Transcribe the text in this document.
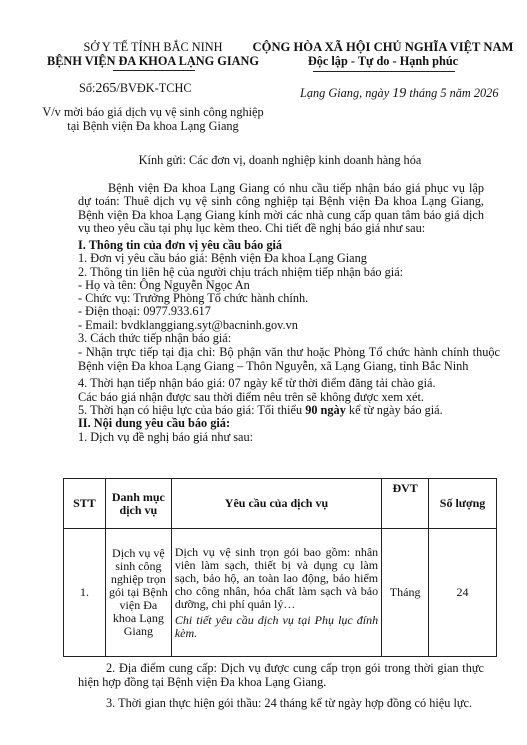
SỞ Y TẾ TỈNH BẮC NINH
BỆNH VIỆN ĐA KHOA LẠNG GIANG
Số:265/BVĐK-TCHC
V/v mời báo giá dịch vụ vệ sinh công nghiệp
tại Bệnh viện Đa khoa Lạng Giang
CỘNG HÒA XÃ HỘI CHỦ NGHĨA VIỆT NAM
Độc lập - Tự do - Hạnh phúc
Lạng Giang, ngày 19 tháng 5 năm 2026
Kính gửi: Các đơn vị, doanh nghiệp kinh doanh hàng hóa
Bệnh viện Đa khoa Lạng Giang có nhu cầu tiếp nhận báo giá phục vụ lập dự toán: Thuê dịch vụ vệ sinh công nghiệp tại Bệnh viện Đa khoa Lạng Giang, Bệnh viện Đa khoa Lạng Giang kính mời các nhà cung cấp quan tâm báo giá dịch vụ theo yêu cầu tại phụ lục kèm theo. Chi tiết đề nghị báo giá như sau:

I. Thông tin của đơn vị yêu cầu báo giá

1. Đơn vị yêu cầu báo giá: Bệnh viện Đa khoa Lạng Giang

2. Thông tin liên hệ của người chịu trách nhiệm tiếp nhận báo giá:

- Họ và tên: Ông Nguyễn Ngọc An

- Chức vụ: Trưởng Phòng Tổ chức hành chính.

- Điện thoại: 0977.933.617

- Email: bvdklanggiang.syt@bacninh.gov.vn

3. Cách thức tiếp nhận báo giá:

- Nhận trực tiếp tại địa chỉ: Bộ phận văn thư hoặc Phòng Tổ chức hành chính thuộc Bệnh viện Đa khoa Lạng Giang – Thôn Nguyễn, xã Lạng Giang, tỉnh Bắc Ninh

4. Thời hạn tiếp nhận báo giá: 07 ngày kể từ thời điểm đăng tải chào giá.

Các báo giá nhận được sau thời điểm nêu trên sẽ không được xem xét.

5. Thời hạn có hiệu lực của báo giá: Tối thiểu 90 ngày kể từ ngày báo giá.

II. Nội dung yêu cầu báo giá:

1. Dịch vụ đề nghị báo giá như sau:

STT	Danh mục dịch vụ	Yêu cầu của dịch vụ	ĐVT	Số lượng
1.	Dịch vụ vệ sinh công nghiệp trọn gói tại Bệnh viện Đa khoa Lạng Giang	Dịch vụ vệ sinh trọn gói bao gồm: nhân viên làm sạch, thiết bị và dụng cụ làm sạch, bảo hộ, an toàn lao động, bảo hiểm cho công nhân, hóa chất làm sạch và bảo dưỡng, chi phí quản lý…
Chi tiết yêu cầu dịch vụ tại Phụ lục đính kèm.	Tháng	24
2. Địa điểm cung cấp: Dịch vụ được cung cấp trọn gói trong thời gian thực hiện hợp đồng tại Bệnh viện Đa khoa Lạng Giang.
3. Thời gian thực hiện gói thầu: 24 tháng kể từ ngày hợp đồng có hiệu lực.
